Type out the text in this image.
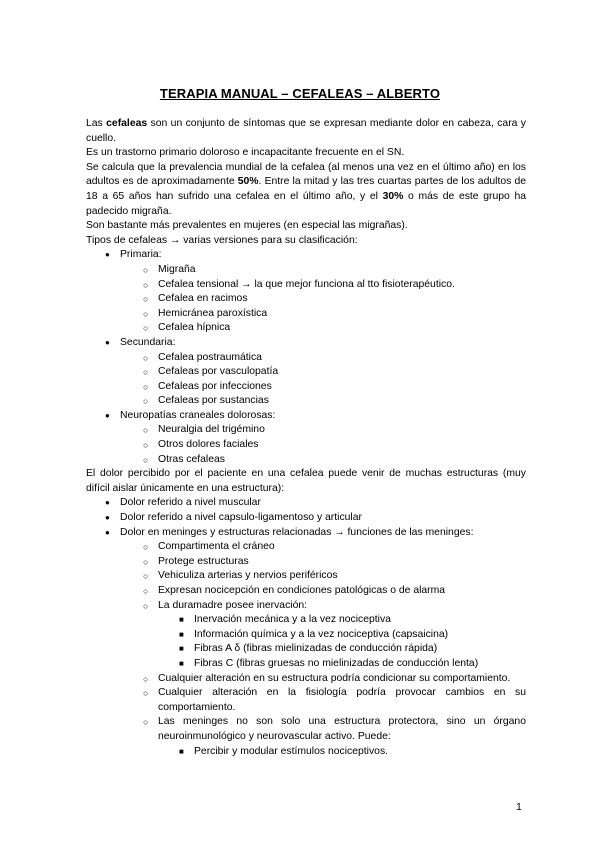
TERAPIA MANUAL – CEFALEAS – ALBERTO

Las cefaleas son un conjunto de síntomas que se expresan mediante dolor en cabeza, cara y cuello.

Es un trastorno primario doloroso e incapacitante frecuente en el SN.

Se calcula que la prevalencia mundial de la cefalea (al menos una vez en el último año) en los adultos es de aproximadamente 50%. Entre la mitad y las tres cuartas partes de los adultos de 18 a 65 años han sufrido una cefalea en el último año, y el 30% o más de este grupo ha padecido migraña.

Son bastante más prevalentes en mujeres (en especial las migrañas).

Tipos de cefaleas → varias versiones para su clasificación:

● Primaria:
○ Migraña
○ Cefalea tensional → la que mejor funciona al tto fisioterapéutico.
○ Cefalea en racimos
○ Hemicránea paroxística
○ Cefalea hípnica
● Secundaria:
○ Cefalea postraumática
○ Cefaleas por vasculopatía
○ Cefaleas por infecciones
○ Cefaleas por sustancias
● Neuropatías craneales dolorosas:
○ Neuralgia del trigémino
○ Otros dolores faciales
○ Otras cefaleas

El dolor percibido por el paciente en una cefalea puede venir de muchas estructuras (muy difícil aislar únicamente en una estructura):

● Dolor referido a nivel muscular
● Dolor referido a nivel capsulo-ligamentoso y articular
● Dolor en meninges y estructuras relacionadas → funciones de las meninges:
○ Compartimenta el cráneo
○ Protege estructuras
○ Vehiculiza arterias y nervios periféricos
○ Expresan nocicepción en condiciones patológicas o de alarma
○ La duramadre posee inervación:
■ Inervación mecánica y a la vez nociceptiva
■ Información química y a la vez nociceptiva (capsaicina)
■ Fibras A δ (fibras mielinizadas de conducción rápida)
■ Fibras C (fibras gruesas no mielinizadas de conducción lenta)
○ Cualquier alteración en su estructura podría condicionar su comportamiento.
○ Cualquier alteración en la fisiología podría provocar cambios en su comportamiento.
○ Las meninges no son solo una estructura protectora, sino un órgano neuroinmunológico y neurovascular activo. Puede:
■ Percibir y modular estímulos nociceptivos.
1
